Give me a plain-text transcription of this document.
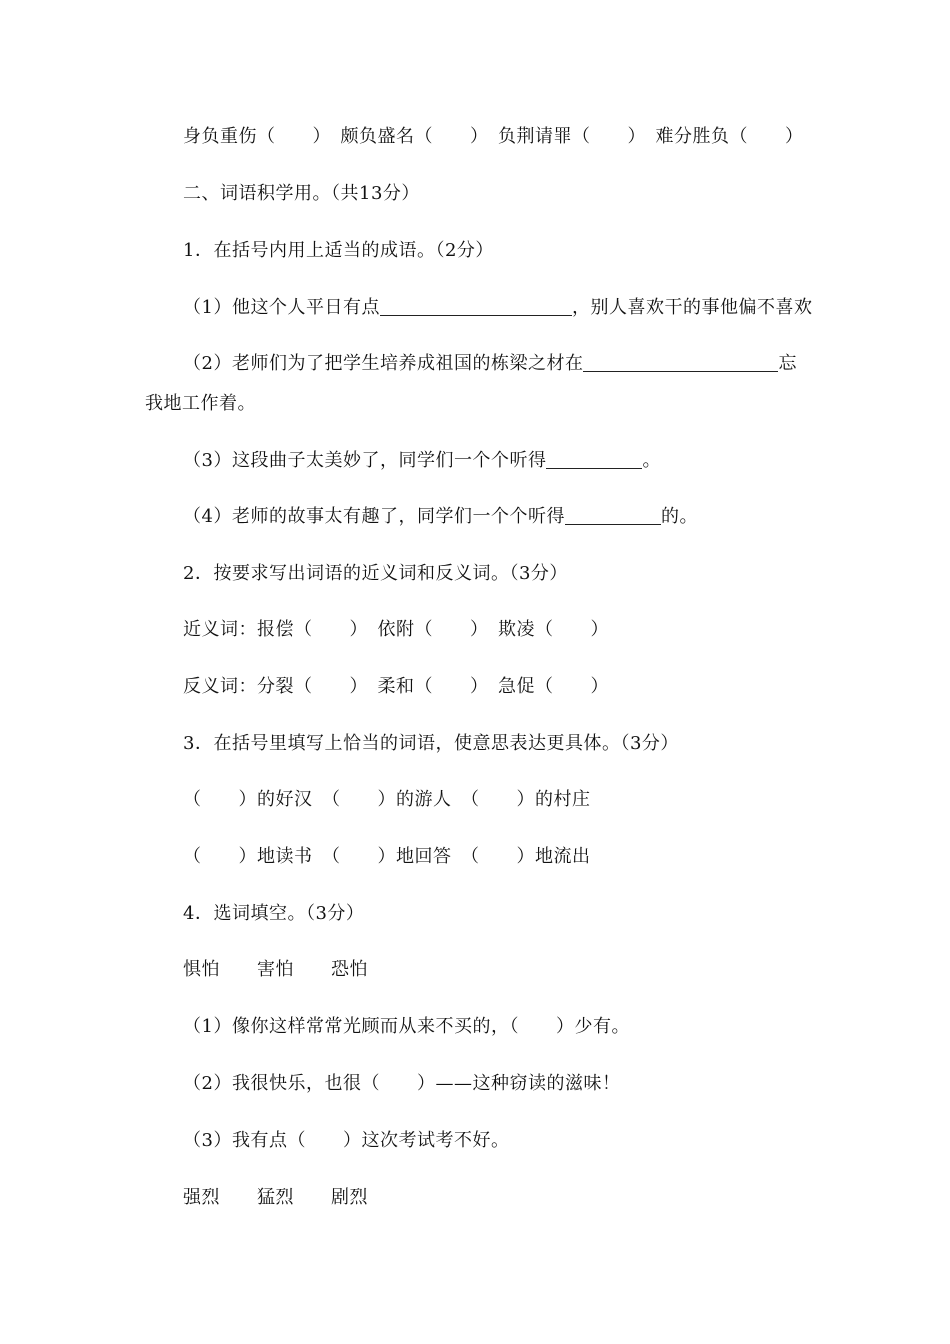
身负重伤（　　）　颇负盛名（　　）　负荆请罪（　　）　难分胜负（　　）
二、词语积学用。（共13分）
1．在括号内用上适当的成语。（2分）
（1）他这个人平日有点	，别人喜欢干的事他偏不喜欢
（2）老师们为了把学生培养成祖国的栋梁之材在	忘
我地工作着。
（3）这段曲子太美妙了，同学们一个个听得	。
（4）老师的故事太有趣了，同学们一个个听得	的。
2．按要求写出词语的近义词和反义词。（3分）
近义词：报偿（　　）　依附（　　）　欺凌（　　）
反义词：分裂（　　）　柔和（　　）　急促（　　）
3．在括号里填写上恰当的词语，使意思表达更具体。（3分）
（　　）的好汉　（　　）的游人　（　　）的村庄
（　　）地读书　（　　）地回答　（　　）地流出
4．选词填空。（3分）
惧怕　　害怕　　恐怕
（1）像你这样常常光顾而从来不买的，（　　）少有。
（2）我很快乐，也很（　　）——这种窃读的滋味！
（3）我有点（　　）这次考试考不好。
强烈　　猛烈　　剧烈
